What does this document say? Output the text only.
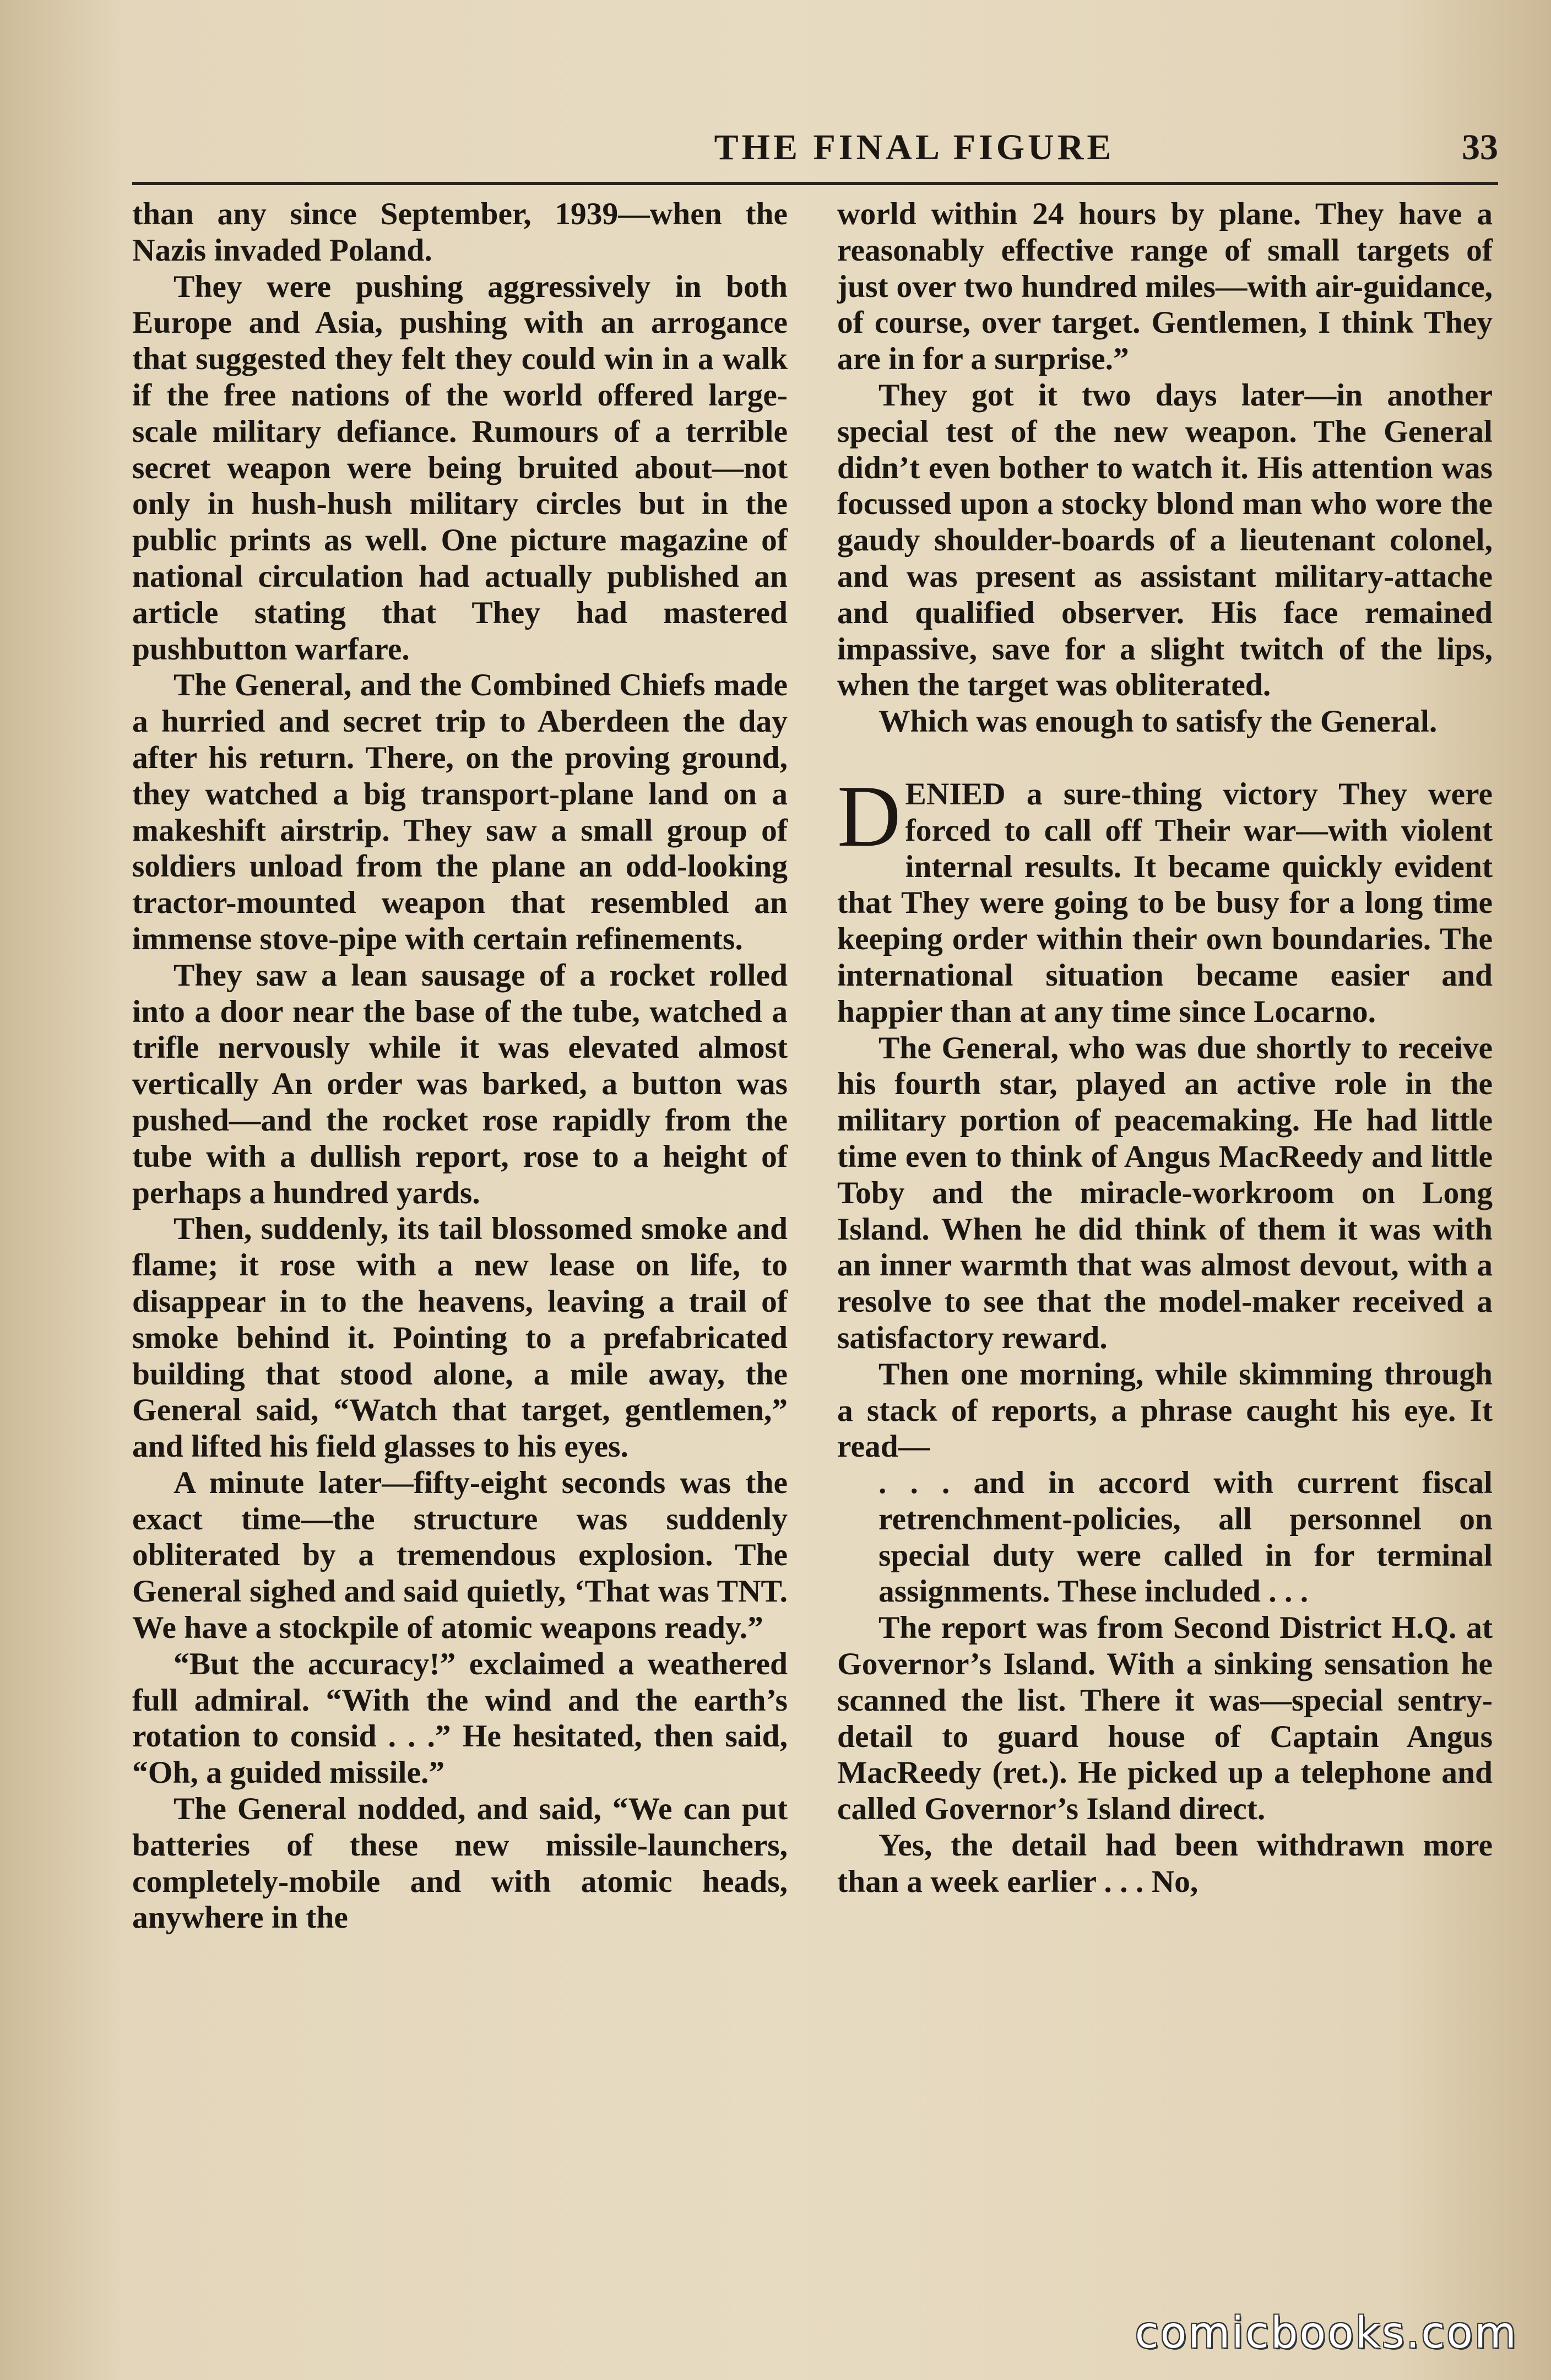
THE FINAL FIGURE	33

than any since September, 1939—when the Nazis invaded Poland.

They were pushing aggressively in both Europe and Asia, pushing with an arrogance that suggested they felt they could win in a walk if the free nations of the world offered large-scale military defiance. Rumours of a terrible secret weapon were being bruited about—not only in hush-hush military circles but in the public prints as well. One picture magazine of national circulation had actually published an article stating that They had mastered pushbutton warfare.

The General, and the Combined Chiefs made a hurried and secret trip to Aberdeen the day after his return. There, on the proving ground, they watched a big transport-plane land on a makeshift airstrip. They saw a small group of soldiers unload from the plane an odd-looking tractor-mounted weapon that resembled an immense stove-pipe with certain refinements.

They saw a lean sausage of a rocket rolled into a door near the base of the tube, watched a trifle nervously while it was elevated almost vertically An order was barked, a button was pushed—and the rocket rose rapidly from the tube with a dullish report, rose to a height of perhaps a hundred yards.

Then, suddenly, its tail blossomed smoke and flame; it rose with a new lease on life, to disappear in to the heavens, leaving a trail of smoke behind it. Pointing to a prefabricated building that stood alone, a mile away, the General said, “Watch that target, gentlemen,” and lifted his field glasses to his eyes.

A minute later—fifty-eight seconds was the exact time—the structure was suddenly obliterated by a tremendous explosion. The General sighed and said quietly, ‘That was TNT. We have a stockpile of atomic weapons ready.”

“But the accuracy!” exclaimed a weathered full admiral. “With the wind and the earth’s rotation to consid . . .” He hesitated, then said, “Oh, a guided missile.”

The General nodded, and said, “We can put batteries of these new missile-launchers, completely-mobile and with atomic heads, anywhere in the

world within 24 hours by plane. They have a reasonably effective range of small targets of just over two hundred miles—with air-guidance, of course, over target. Gentlemen, I think They are in for a surprise.”

They got it two days later—in another special test of the new weapon. The General didn’t even bother to watch it. His attention was focussed upon a stocky blond man who wore the gaudy shoulder-boards of a lieutenant colonel, and was present as assistant military-attache and qualified observer. His face remained impassive, save for a slight twitch of the lips, when the target was obliterated.

Which was enough to satisfy the General.

DENIED a sure-thing victory They were forced to call off Their war—with violent internal results. It became quickly evident that They were going to be busy for a long time keeping order within their own boundaries. The international situation became easier and happier than at any time since Locarno.

The General, who was due shortly to receive his fourth star, played an active role in the military portion of peacemaking. He had little time even to think of Angus MacReedy and little Toby and the miracle-workroom on Long Island. When he did think of them it was with an inner warmth that was almost devout, with a resolve to see that the model-maker received a satisfactory reward.

Then one morning, while skimming through a stack of reports, a phrase caught his eye. It read—

. . . and in accord with current fiscal retrenchment-policies, all personnel on special duty were called in for terminal assignments. These included . . .

The report was from Second District H.Q. at Governor’s Island. With a sinking sensation he scanned the list. There it was—special sentry-detail to guard house of Captain Angus MacReedy (ret.). He picked up a telephone and called Governor’s Island direct.

Yes, the detail had been withdrawn more than a week earlier . . . No,

comicbooks.com
